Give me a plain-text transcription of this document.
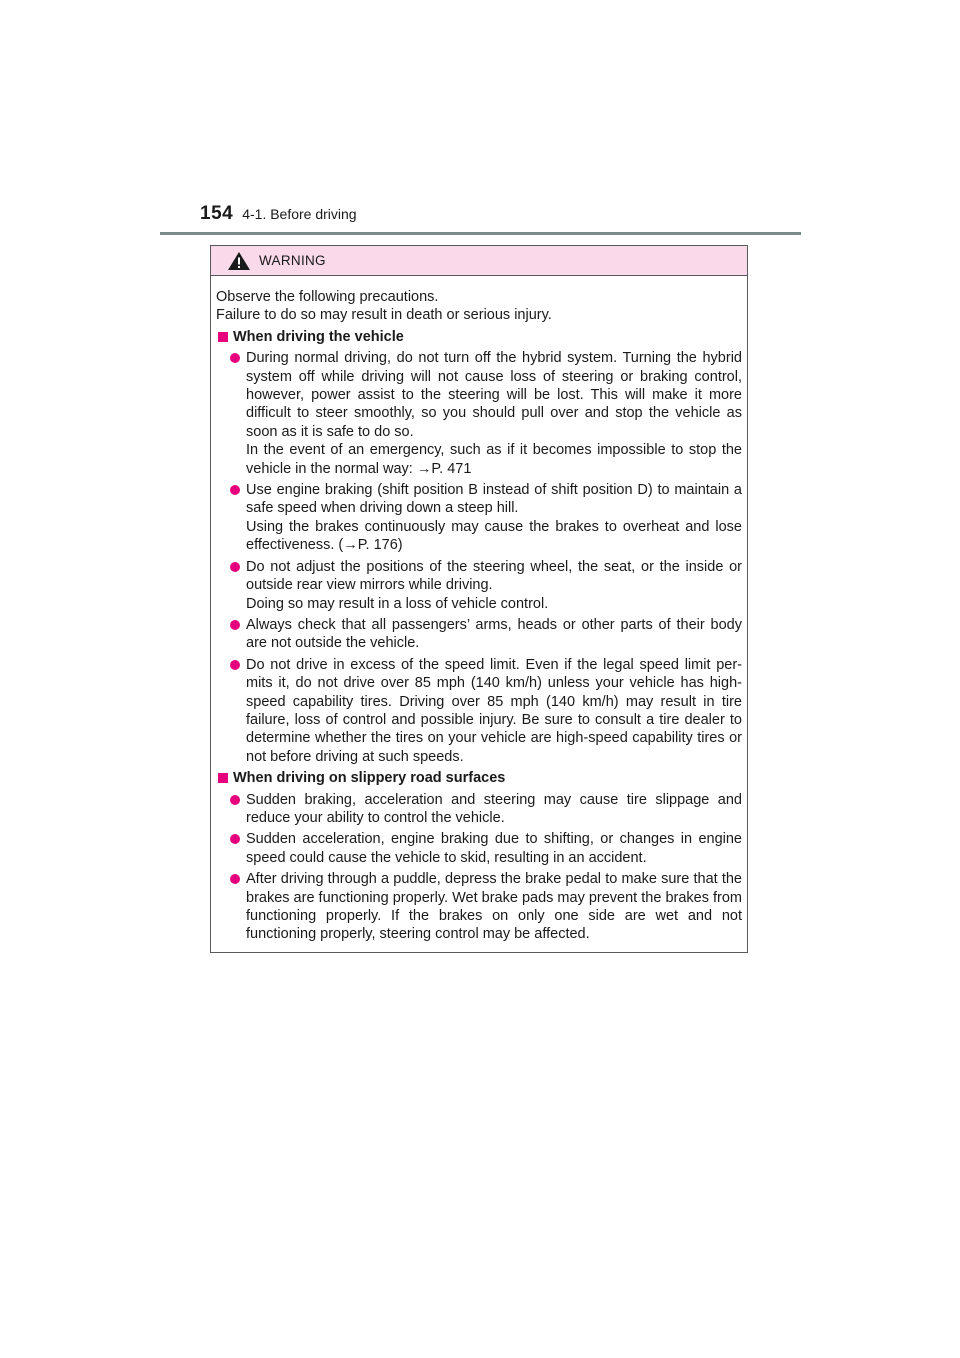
154 4-1. Before driving
WARNING

Observe the following precautions.

Failure to do so may result in death or serious injury.

When driving the vehicle

During normal driving, do not turn off the hybrid system. Turning the hybrid system off while driving will not cause loss of steering or braking control, however, power assist to the steering will be lost. This will make it more difficult to steer smoothly, so you should pull over and stop the vehicle as soon as it is safe to do so.

In the event of an emergency, such as if it becomes impossible to stop the vehicle in the normal way: →P. 471

Use engine braking (shift position B instead of shift position D) to maintain a safe speed when driving down a steep hill.

Using the brakes continuously may cause the brakes to overheat and lose effectiveness. (→P. 176)

Do not adjust the positions of the steering wheel, the seat, or the inside or outside rear view mirrors while driving.

Doing so may result in a loss of vehicle control.

Always check that all passengers’ arms, heads or other parts of their body are not outside the vehicle.

Do not drive in excess of the speed limit. Even if the legal speed limit per-mits it, do not drive over 85 mph (140 km/h) unless your vehicle has high-speed capability tires. Driving over 85 mph (140 km/h) may result in tire failure, loss of control and possible injury. Be sure to consult a tire dealer to determine whether the tires on your vehicle are high-speed capability tires or not before driving at such speeds.

When driving on slippery road surfaces

Sudden braking, acceleration and steering may cause tire slippage and reduce your ability to control the vehicle.

Sudden acceleration, engine braking due to shifting, or changes in engine speed could cause the vehicle to skid, resulting in an accident.

After driving through a puddle, depress the brake pedal to make sure that the brakes are functioning properly. Wet brake pads may prevent the brakes from functioning properly. If the brakes on only one side are wet and not functioning properly, steering control may be affected.
